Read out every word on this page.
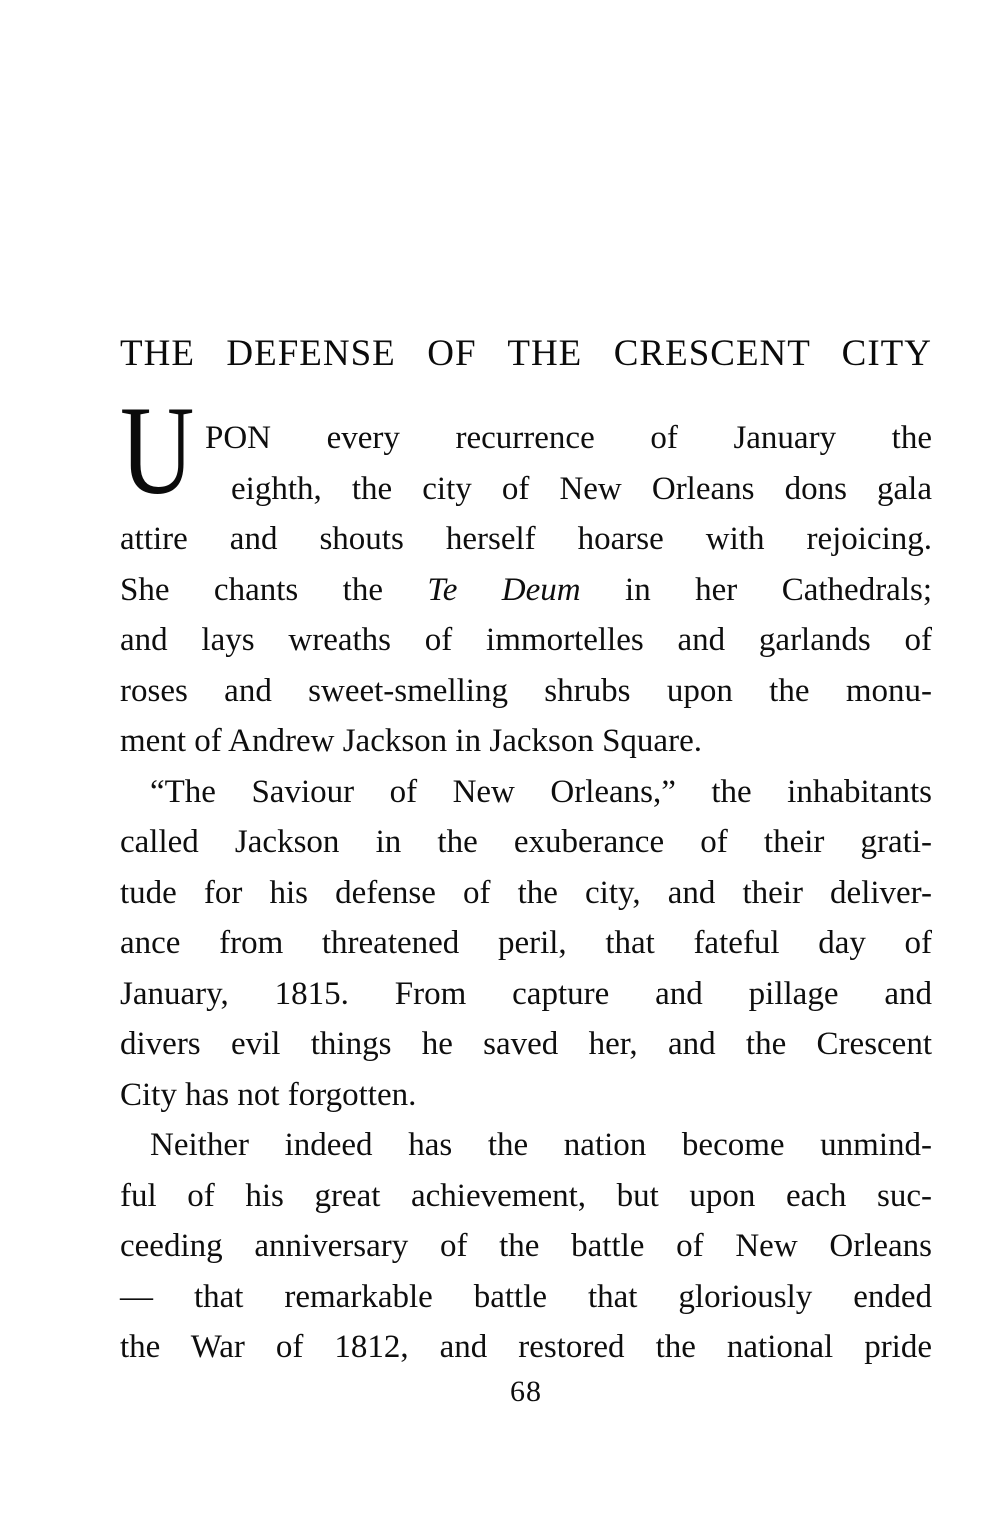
THE DEFENSE OF THE CRESCENT CITY
U PON every recurrence of January the
eighth, the city of New Orleans dons gala
attire and shouts herself hoarse with rejoicing.
She chants the Te Deum in her Cathedrals;
and lays wreaths of immortelles and garlands of
roses and sweet-smelling shrubs upon the monu-
ment of Andrew Jackson in Jackson Square.
“The Saviour of New Orleans,” the inhabitants
called Jackson in the exuberance of their grati-
tude for his defense of the city, and their deliver-
ance from threatened peril, that fateful day of
January, 1815. From capture and pillage and
divers evil things he saved her, and the Crescent
City has not forgotten.
Neither indeed has the nation become unmind-
ful of his great achievement, but upon each suc-
ceeding anniversary of the battle of New Orleans
— that remarkable battle that gloriously ended
the War of 1812, and restored the national pride
68
